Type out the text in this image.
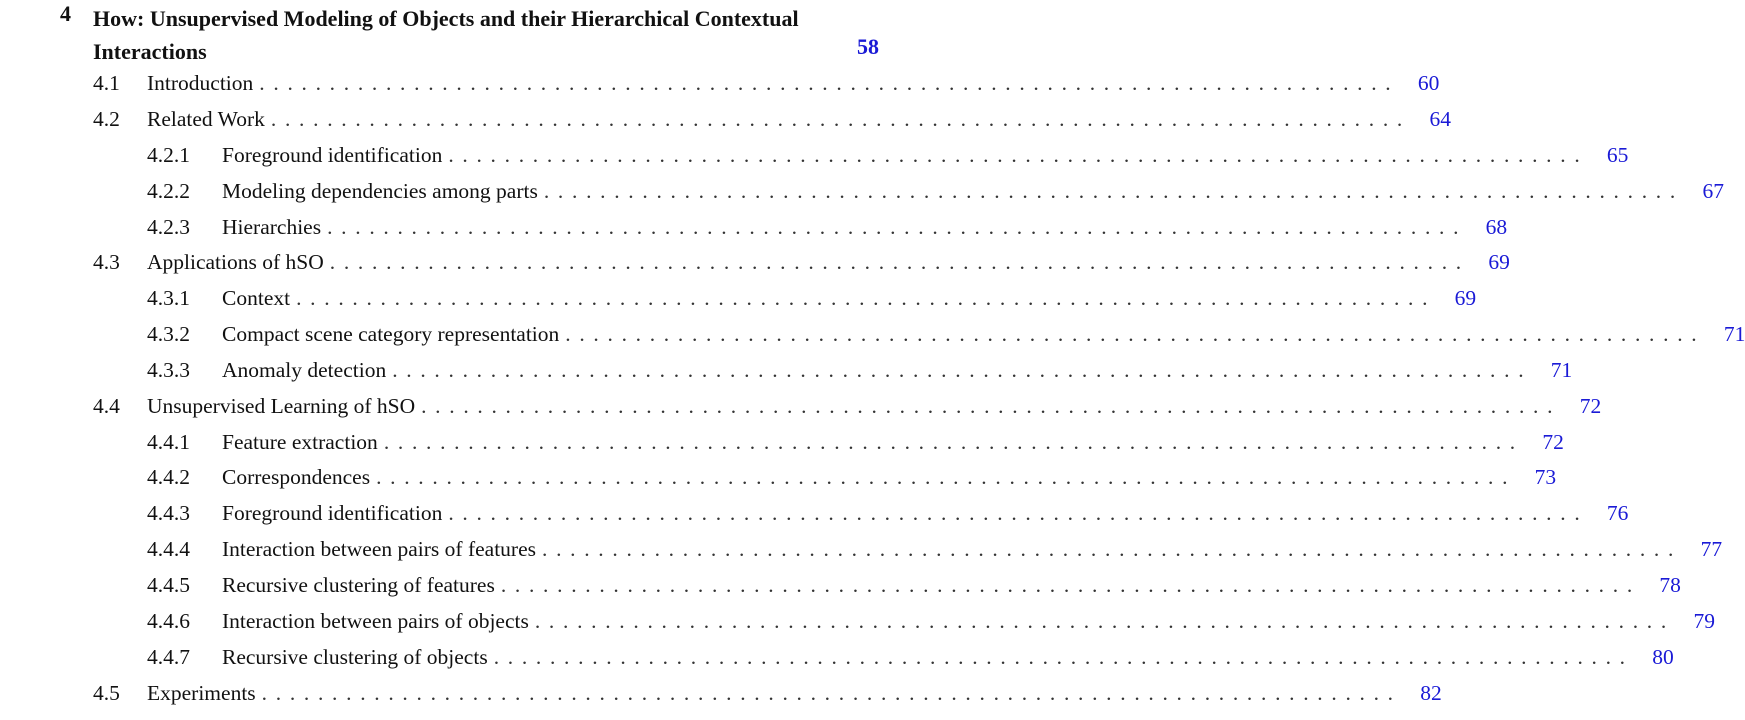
4 How: Unsupervised Modeling of Objects and their Hierarchical Contextual Interactions	58
4.1	Introduction ................................................................................. 60
4.2	Related Work ................................................................................. 64
4.2.1	Foreground identification ................................................................................. 65
4.2.2	Modeling dependencies among parts ................................................................................. 67
4.2.3	Hierarchies ................................................................................. 68
4.3	Applications of hSO ................................................................................. 69
4.3.1	Context ................................................................................. 69
4.3.2	Compact scene category representation ................................................................................. 71
4.3.3	Anomaly detection ................................................................................. 71
4.4	Unsupervised Learning of hSO ................................................................................. 72
4.4.1	Feature extraction ................................................................................. 72
4.4.2	Correspondences ................................................................................. 73
4.4.3	Foreground identification ................................................................................. 76
4.4.4	Interaction between pairs of features ................................................................................. 77
4.4.5	Recursive clustering of features ................................................................................. 78
4.4.6	Interaction between pairs of objects ................................................................................. 79
4.4.7	Recursive clustering of objects ................................................................................. 80
4.5	Experiments ................................................................................. 82
